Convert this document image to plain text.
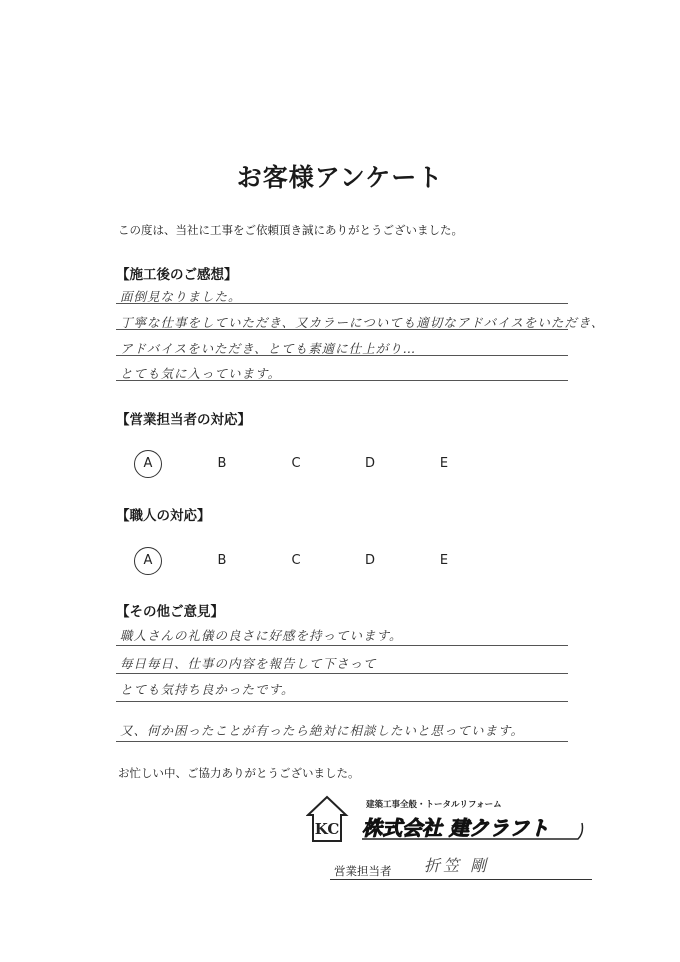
お客様アンケート
この度は、当社に工事をご依頼頂き誠にありがとうございました。
【施工後のご感想】
面倒見なりました。
丁寧な仕事をしていただき、又カラーについても適切なアドバイスをいただき、
アドバイスをいただき、とても素適に仕上がり…
とても気に入っています。
【営業担当者の対応】
A	B	C	D	E
【職人の対応】
A	B	C	D	E
【その他ご意見】
職人さんの礼儀の良さに好感を持っています。
毎日毎日、仕事の内容を報告して下さって
とても気持ち良かったです。
又、何か困ったことが有ったら絶対に相談したいと思っています。
お忙しい中、ご協力ありがとうございました。
KC
建築工事全般・トータルリフォーム
株式会社 建クラフト
営業担当者 折笠 剛
